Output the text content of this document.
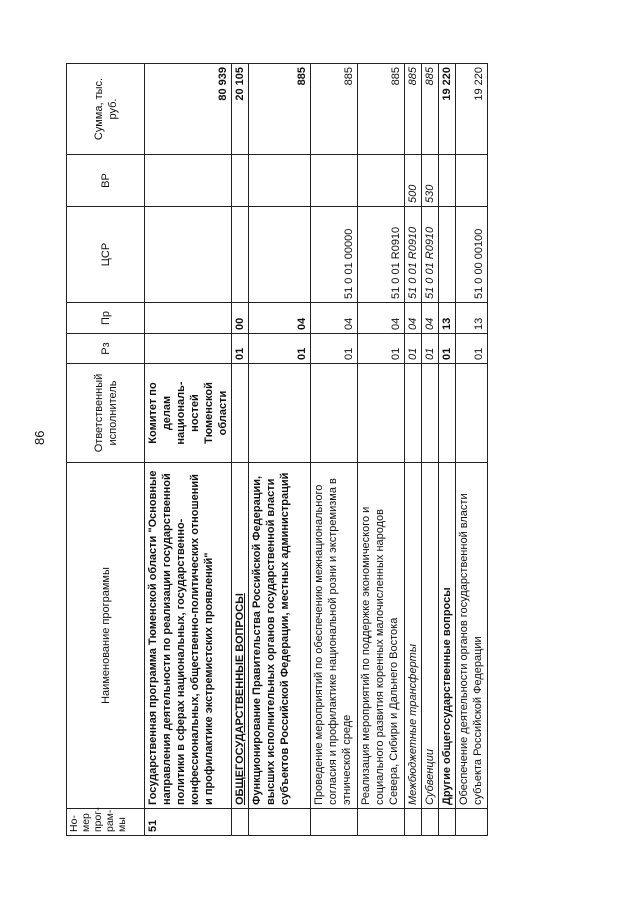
86
Но-мер прог-рам-мы	Наименование программы	Ответственный исполнитель	Рз	Пр	ЦСР	ВР	Сумма, тыс. руб.
51	Государственная программа Тюменской области "Основные направления деятельности по реализации государственной политики в сферах национальных, государственно-конфессиональных, общественно-политических отношений и профилактике экстремистских проявлений"	Комитет по делам националь-ностей Тюменской области					80 939
	ОБЩЕГОСУДАРСТВЕННЫЕ ВОПРОСЫ		01	00			20 105
	Функционирование Правительства Российской Федерации, высших исполнительных органов государственной власти субъектов Российской Федерации, местных администраций		01	04			885
	Проведение мероприятий по обеспечению межнационального согласия и профилактике национальной розни и экстремизма в этнической среде		01	04	51 0 01 00000		885
	Реализация мероприятий по поддержке экономического и социального развития коренных малочисленных народов Севера, Сибири и Дальнего Востока		01	04	51 0 01 R0910		885
	Межбюджетные трансферты		01	04	51 0 01 R0910	500	885
	Субвенции		01	04	51 0 01 R0910	530	885
	Другие общегосударственные вопросы		01	13			19 220
	Обеспечение деятельности органов государственной власти субъекта Российской Федерации		01	13	51 0 00 00100		19 220
